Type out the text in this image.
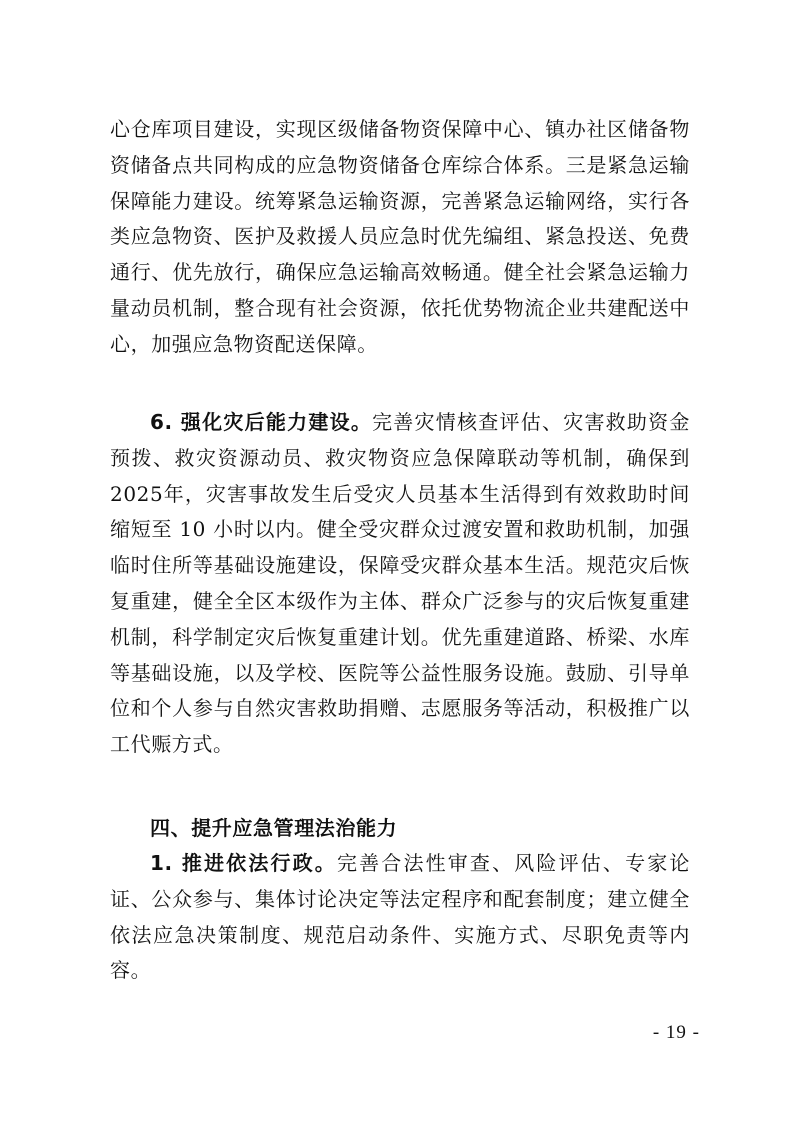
心仓库项目建设，实现区级储备物资保障中心、镇办社区储备物资储备点共同构成的应急物资储备仓库综合体系。三是紧急运输保障能力建设。统筹紧急运输资源，完善紧急运输网络，实行各类应急物资、医护及救援人员应急时优先编组、紧急投送、免费通行、优先放行，确保应急运输高效畅通。健全社会紧急运输力量动员机制，整合现有社会资源，依托优势物流企业共建配送中心，加强应急物资配送保障。

6. 强化灾后能力建设。完善灾情核查评估、灾害救助资金预拨、救灾资源动员、救灾物资应急保障联动等机制，确保到2025年，灾害事故发生后受灾人员基本生活得到有效救助时间缩短至 10 小时以内。健全受灾群众过渡安置和救助机制，加强临时住所等基础设施建设，保障受灾群众基本生活。规范灾后恢复重建，健全全区本级作为主体、群众广泛参与的灾后恢复重建机制，科学制定灾后恢复重建计划。优先重建道路、桥梁、水库等基础设施，以及学校、医院等公益性服务设施。鼓励、引导单位和个人参与自然灾害救助捐赠、志愿服务等活动，积极推广以工代赈方式。

四、提升应急管理法治能力

1. 推进依法行政。完善合法性审查、风险评估、专家论证、公众参与、集体讨论决定等法定程序和配套制度；建立健全依法应急决策制度、规范启动条件、实施方式、尽职免责等内容。

- 19 -
